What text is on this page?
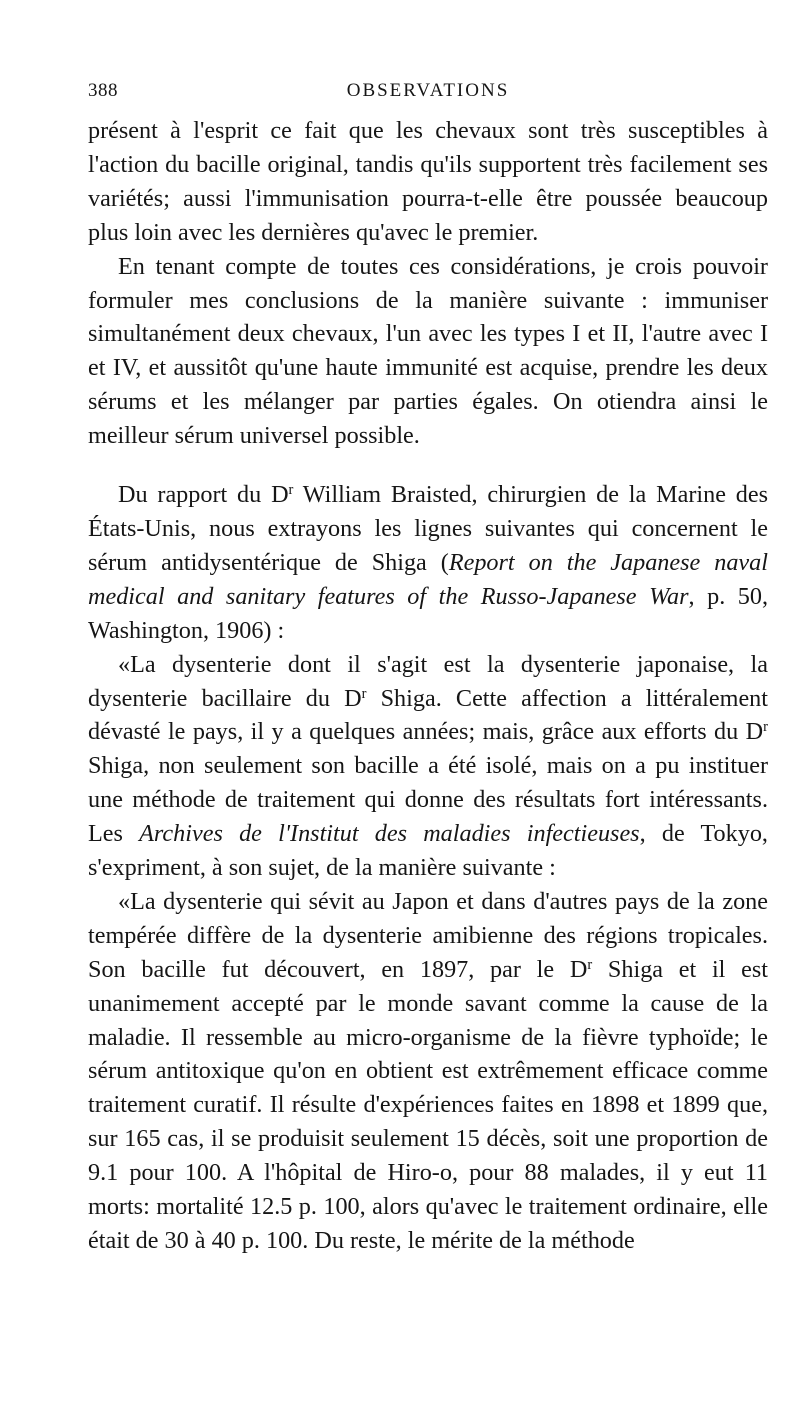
388	OBSERVATIONS

présent à l'esprit ce fait que les chevaux sont très susceptibles à l'action du bacille original, tandis qu'ils supportent très facilement ses variétés; aussi l'immunisation pourra-t-elle être poussée beaucoup plus loin avec les dernières qu'avec le premier.

En tenant compte de toutes ces considérations, je crois pouvoir formuler mes conclusions de la manière suivante : immuniser simultanément deux chevaux, l'un avec les types I et II, l'autre avec I et IV, et aussitôt qu'une haute immunité est acquise, prendre les deux sérums et les mélanger par parties égales. On otiendra ainsi le meilleur sérum universel possible.

Du rapport du $D^r$ William Braisted, chirurgien de la Marine des États-Unis, nous extrayons les lignes suivantes qui concernent le sérum antidysentérique de Shiga (Report on the Japanese naval medical and sanitary features of the Russo-Japanese War, p. 50, Washington, 1906) :

«La dysenterie dont il s'agit est la dysenterie japonaise, la dysenterie bacillaire du $D^r$ Shiga. Cette affection a littéralement dévasté le pays, il y a quelques années; mais, grâce aux efforts du $D^r$ Shiga, non seulement son bacille a été isolé, mais on a pu instituer une méthode de traitement qui donne des résultats fort intéressants. Les Archives de l'Institut des maladies infectieuses, de Tokyo, s'expriment, à son sujet, de la manière suivante :

«La dysenterie qui sévit au Japon et dans d'autres pays de la zone tempérée diffère de la dysenterie amibienne des régions tropicales. Son bacille fut découvert, en 1897, par le $D^r$ Shiga et il est unanimement accepté par le monde savant comme la cause de la maladie. Il ressemble au micro-organisme de la fièvre typhoïde; le sérum antitoxique qu'on en obtient est extrêmement efficace comme traitement curatif. Il résulte d'expériences faites en 1898 et 1899 que, sur 165 cas, il se produisit seulement 15 décès, soit une proportion de 9.1 pour 100. A l'hôpital de Hiro-o, pour 88 malades, il y eut 11 morts: mortalité 12.5 p. 100, alors qu'avec le traitement ordinaire, elle était de 30 à 40 p. 100. Du reste, le mérite de la méthode
